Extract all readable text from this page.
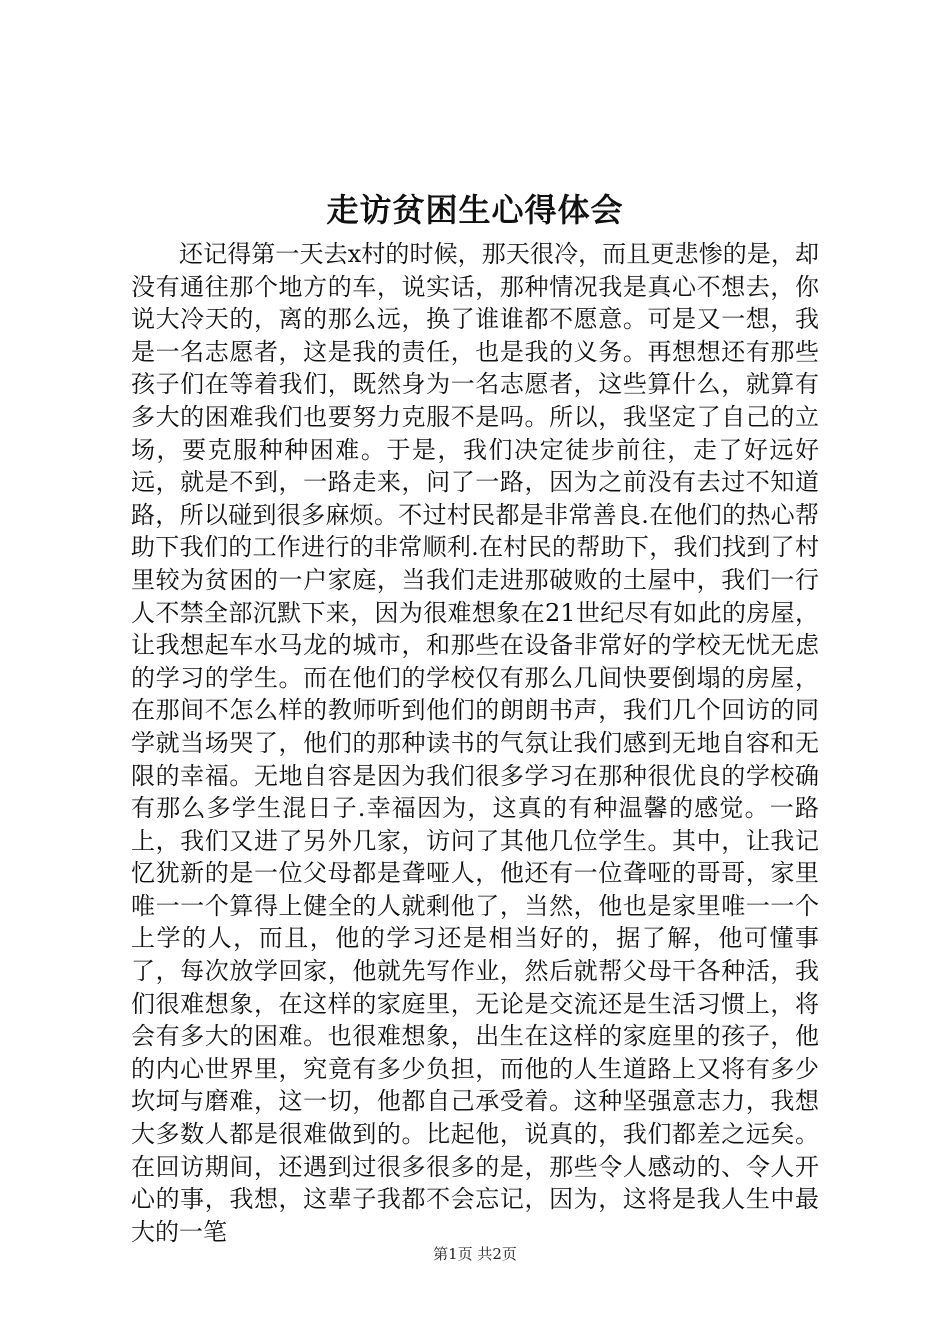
走访贫困生心得体会

还记得第一天去x村的时候，那天很冷，而且更悲惨的是，却没有通往那个地方的车，说实话，那种情况我是真心不想去，你说大冷天的，离的那么远，换了谁谁都不愿意。可是又一想，我是一名志愿者，这是我的责任，也是我的义务。再想想还有那些孩子们在等着我们，既然身为一名志愿者，这些算什么，就算有多大的困难我们也要努力克服不是吗。所以，我坚定了自己的立场，要克服种种困难。于是，我们决定徒步前往，走了好远好远，就是不到，一路走来，问了一路，因为之前没有去过不知道路，所以碰到很多麻烦。不过村民都是非常善良.在他们的热心帮助下我们的工作进行的非常顺利.在村民的帮助下，我们找到了村里较为贫困的一户家庭，当我们走进那破败的土屋中，我们一行人不禁全部沉默下来，因为很难想象在21世纪尽有如此的房屋，让我想起车水马龙的城市，和那些在设备非常好的学校无忧无虑的学习的学生。而在他们的学校仅有那么几间快要倒塌的房屋，在那间不怎么样的教师听到他们的朗朗书声，我们几个回访的同学就当场哭了，他们的那种读书的气氛让我们感到无地自容和无限的幸福。无地自容是因为我们很多学习在那种很优良的学校确有那么多学生混日子.幸福因为，这真的有种温馨的感觉。一路上，我们又进了另外几家，访问了其他几位学生。其中，让我记忆犹新的是一位父母都是聋哑人，他还有一位聋哑的哥哥，家里唯一一个算得上健全的人就剩他了，当然，他也是家里唯一一个上学的人，而且，他的学习还是相当好的，据了解，他可懂事了，每次放学回家，他就先写作业，然后就帮父母干各种活，我们很难想象，在这样的家庭里，无论是交流还是生活习惯上，将会有多大的困难。也很难想象，出生在这样的家庭里的孩子，他的内心世界里，究竟有多少负担，而他的人生道路上又将有多少坎坷与磨难，这一切，他都自己承受着。这种坚强意志力，我想大多数人都是很难做到的。比起他，说真的，我们都差之远矣。在回访期间，还遇到过很多很多的是，那些令人感动的、令人开心的事，我想，这辈子我都不会忘记，因为，这将是我人生中最大的一笔

第1页 共2页
